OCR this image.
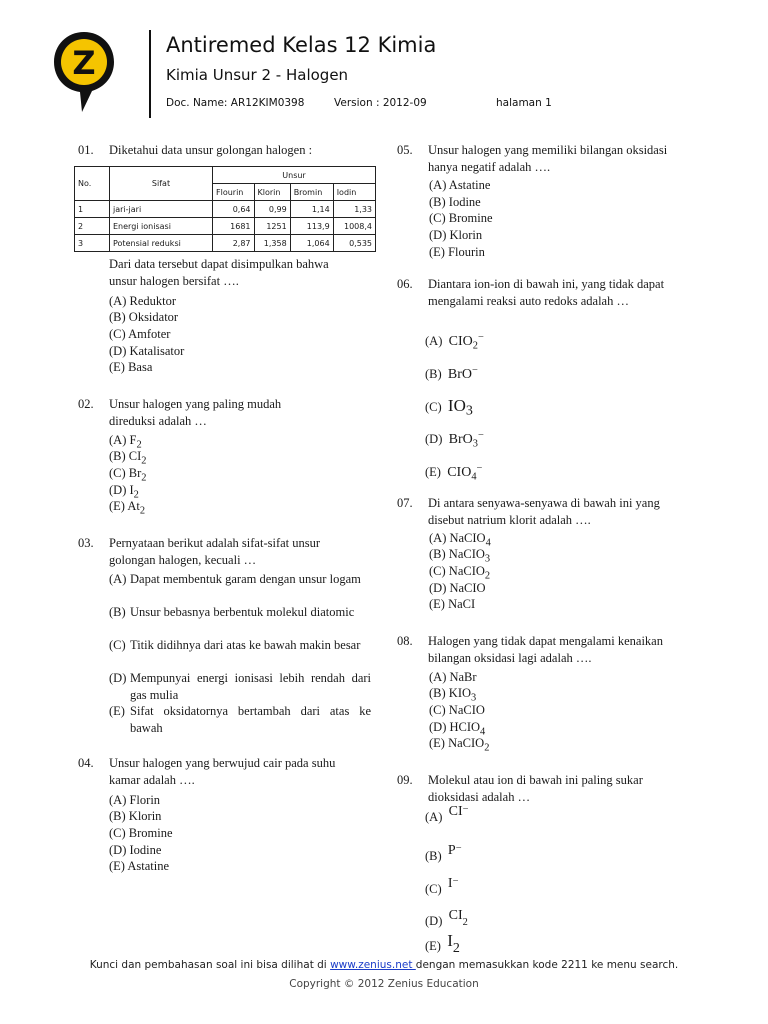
Z	Antiremed Kelas 12 Kimia
Kimia Unsur 2 - Halogen
Doc. Name: AR12KIM0398	Version : 2012-09	halaman 1
01. Diketahui data unsur golongan halogen :
No.	Sifat	Unsur			
		Flourin	Klorin	Bromin	Iodin
1	jari-jari	0,64	0,99	1,14	1,33
2	Energi ionisasi	1681	1251	113,9	1008,4
3	Potensial reduksi	2,87	1,358	1,064	0,535
Dari data tersebut dapat disimpulkan bahwa unsur halogen bersifat ….
(A) Reduktor
(B) Oksidator
(C) Amfoter
(D) Katalisator
(E) Basa
02. Unsur halogen yang paling mudah direduksi adalah …
(A) $F_2$
(B) $CI_2$
(C) $Br_2$
(D) $I_2$
(E) $At_2$
03. Pernyataan berikut adalah sifat-sifat unsur golongan halogen, kecuali …
(A) Dapat membentuk garam dengan unsur logam
(B) Unsur bebasnya berbentuk molekul diatomic
(C) Titik didihnya dari atas ke bawah makin besar
(D) Mempunyai energi ionisasi lebih rendah dari gas mulia
(E) Sifat oksidatornya bertambah dari atas ke bawah
04. Unsur halogen yang berwujud cair pada suhu kamar adalah ….
(A) Florin
(B) Klorin
(C) Bromine
(D) Iodine
(E) Astatine
05. Unsur halogen yang memiliki bilangan oksidasi hanya negatif adalah ….
(A) Astatine
(B) Iodine
(C) Bromine
(D) Klorin
(E) Flourin
06. Diantara ion-ion di bawah ini, yang tidak dapat mengalami reaksi auto redoks adalah …
(A) $CIO_2^-$
(B) BrO−
(C) $IO_3$
(D) BrO$_3$−
(E) $CIO_4^-$
07. Di antara senyawa-senyawa di bawah ini yang disebut natrium klorit adalah ….
(A) NaCIO$_4$
(B) NaCIO$_3$
(C) NaCIO$_2$
(D) NaCIO
(E) NaCI
08. Halogen yang tidak dapat mengalami kenaikan bilangan oksidasi lagi adalah ….
(A) NaBr
(B) $KIO_3$
(C) NaCIO
(D) $HCIO_4$
(E) NaCIO$_2$
09. Molekul atau ion di bawah ini paling sukar dioksidasi adalah …
(A) CI−
(B) P−
(C) I−
(D) $CI_2$
(E) $I_2$
Kunci dan pembahasan soal ini bisa dilihat di www.zenius.net dengan memasukkan kode 2211 ke menu search.
Copyright © 2012 Zenius Education
